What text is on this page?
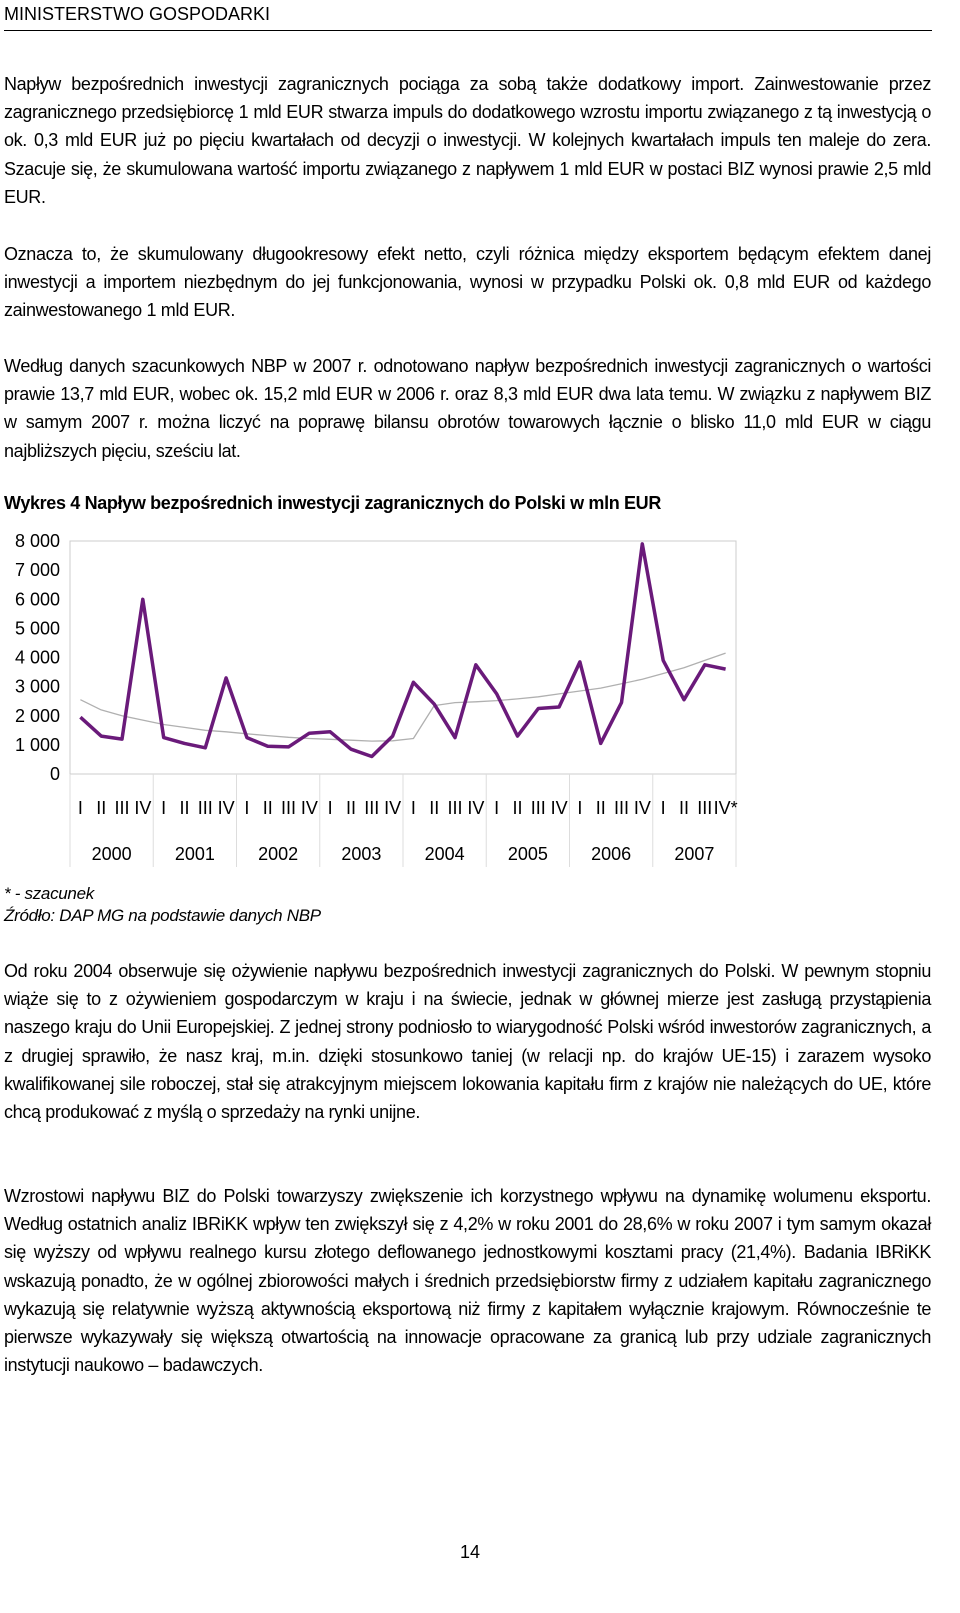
MINISTERSTWO GOSPODARKI

Napływ bezpośrednich inwestycji zagranicznych pociąga za sobą także dodatkowy import. Zainwestowanie przez zagranicznego przedsiębiorcę 1 mld EUR stwarza impuls do dodatkowego wzrostu importu związanego z tą inwestycją o ok. 0,3 mld EUR już po pięciu kwartałach od decyzji o inwestycji. W kolejnych kwartałach impuls ten maleje do zera. Szacuje się, że skumulowana wartość importu związanego z napływem 1 mld EUR w postaci BIZ wynosi prawie 2,5 mld EUR.

Oznacza to, że skumulowany długookresowy efekt netto, czyli różnica między eksportem będącym efektem danej inwestycji a importem niezbędnym do jej funkcjonowania, wynosi w przypadku Polski ok. 0,8 mld EUR od każdego zainwestowanego 1 mld EUR.

Według danych szacunkowych NBP w 2007 r. odnotowano napływ bezpośrednich inwestycji zagranicznych o wartości prawie 13,7 mld EUR, wobec ok. 15,2 mld EUR w 2006 r. oraz 8,3 mld EUR dwa lata temu. W związku z napływem BIZ w samym 2007 r. można liczyć na poprawę bilansu obrotów towarowych łącznie o blisko 11,0 mld EUR w ciągu najbliższych pięciu, sześciu lat.

Wykres 4 Napływ bezpośrednich inwestycji zagranicznych do Polski w mln EUR
8 000
7 000
6 000
5 000
4 000
3 000
2 000
1 000
0
I II III IV I II III IV I II III IV I II III IV I II III IV I II III IV I II III IV I II III IV*
2000 2001 2002 2003 2004 2005 2006 2007
* - szacunek
Źródło: DAP MG na podstawie danych NBP

Od roku 2004 obserwuje się ożywienie napływu bezpośrednich inwestycji zagranicznych do Polski. W pewnym stopniu wiąże się to z ożywieniem gospodarczym w kraju i na świecie, jednak w głównej mierze jest zasługą przystąpienia naszego kraju do Unii Europejskiej. Z jednej strony podniosło to wiarygodność Polski wśród inwestorów zagranicznych, a z drugiej sprawiło, że nasz kraj, m.in. dzięki stosunkowo taniej (w relacji np. do krajów UE-15) i zarazem wysoko kwalifikowanej sile roboczej, stał się atrakcyjnym miejscem lokowania kapitału firm z krajów nie należących do UE, które chcą produkować z myślą o sprzedaży na rynki unijne.

Wzrostowi napływu BIZ do Polski towarzyszy zwiększenie ich korzystnego wpływu na dynamikę wolumenu eksportu. Według ostatnich analiz IBRiKK wpływ ten zwiększył się z 4,2% w roku 2001 do 28,6% w roku 2007 i tym samym okazał się wyższy od wpływu realnego kursu złotego deflowanego jednostkowymi kosztami pracy (21,4%). Badania IBRiKK wskazują ponadto, że w ogólnej zbiorowości małych i średnich przedsiębiorstw firmy z udziałem kapitału zagranicznego wykazują się relatywnie wyższą aktywnością eksportową niż firmy z kapitałem wyłącznie krajowym. Równocześnie te pierwsze wykazywały się większą otwartością na innowacje opracowane za granicą lub przy udziale zagranicznych instytucji naukowo – badawczych.

14
